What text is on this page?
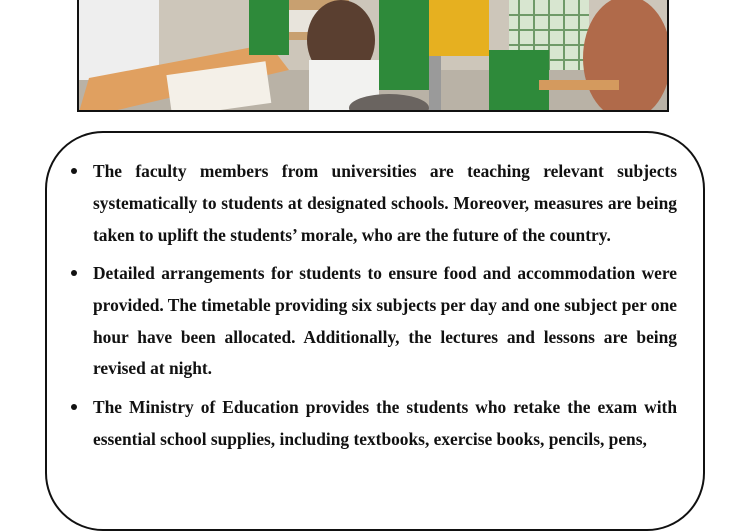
The faculty members from universities are teaching relevant subjects systematically to students at designated schools. Moreover, measures are being taken to uplift the students’ morale, who are the future of the country.
Detailed arrangements for students to ensure food and accommodation were provided. The timetable providing six subjects per day and one subject per one hour have been allocated. Additionally, the lectures and lessons are being revised at night.
The Ministry of Education provides the students who retake the exam with essential school supplies, including textbooks, exercise books, pencils, pens,
